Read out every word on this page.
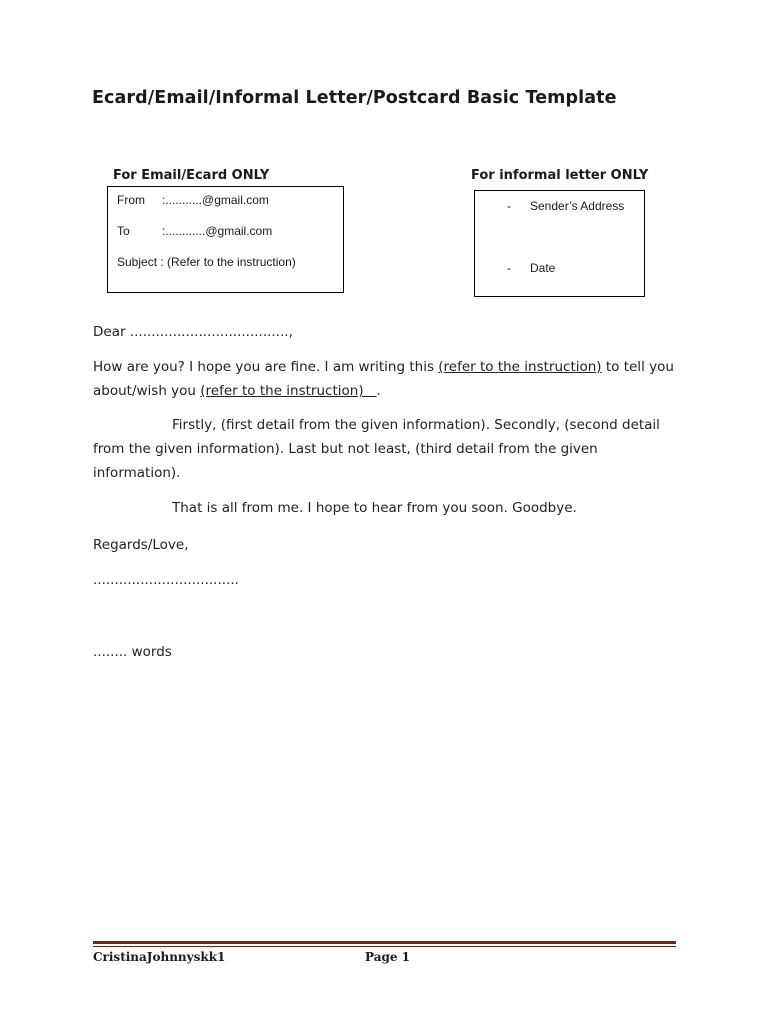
Ecard/Email/Informal Letter/Postcard Basic Template
For Email/Ecard ONLY	For informal letter ONLY
From :...........@gmail.com
To	:............@gmail.com
Subject : (Refer to the instruction)
- Sender’s Address
- Date
Dear .....................................,
How are you? I hope you are fine. I am writing this (refer to the instruction) to tell you about/wish you (refer to the instruction)   .
Firstly, (first detail from the given information). Secondly, (second detail from the given information). Last but not least, (third detail from the given information).
That is all from me. I hope to hear from you soon. Goodbye.
Regards/Love,
..................................
........ words
CristinaJohnnyskk1	Page 1
